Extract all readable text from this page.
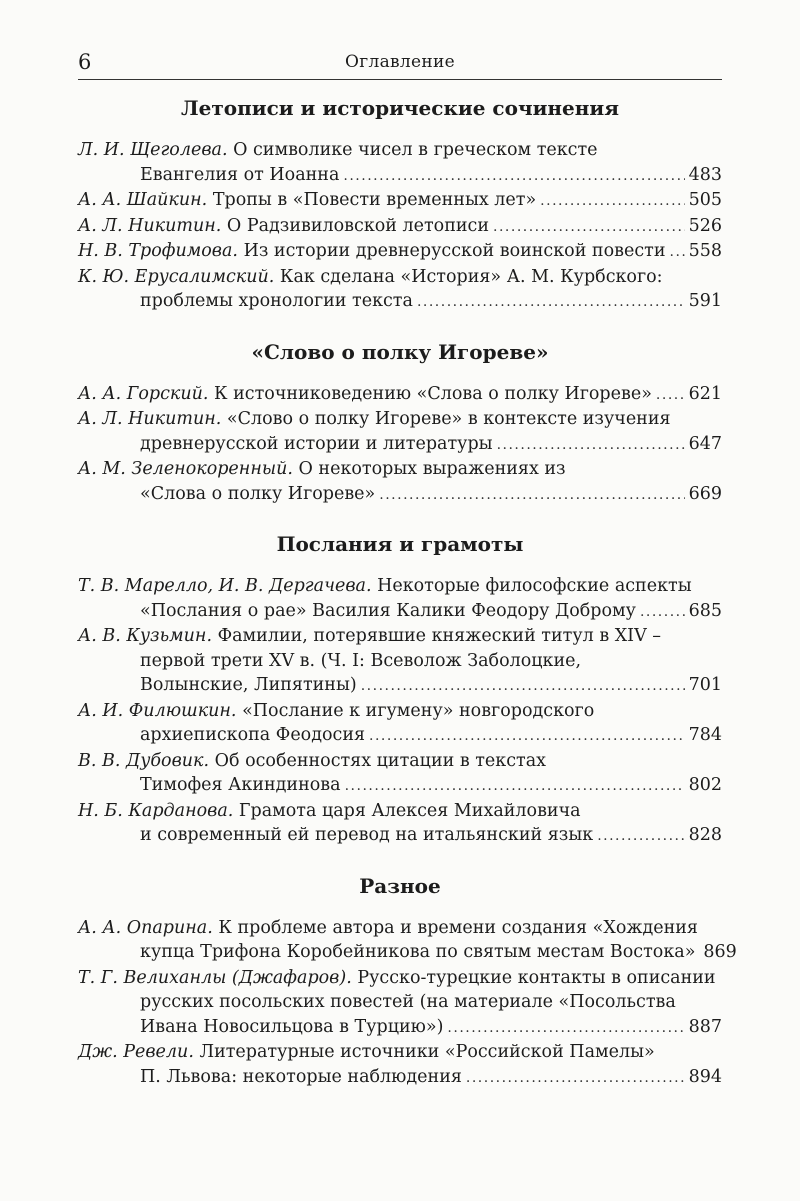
6	Оглавление
Летописи и исторические сочинения
Л. И. Щеголева.
О символике чисел в греческом тексте
Евангелия от Иоанна .....	483
А. А. Шайкин.
Тропы в «Повести временных лет» .....	505
А. Л. Никитин.
О Радзивиловской летописи .....	526
Н. В. Трофимова.
Из истории древнерусской воинской повести ..... 558
К. Ю. Ерусалимский.
Как сделана «История» А. М. Курбского:
проблемы хронологии текста .....	591
«Слово о полку Игореве»
А. А. Горский.
К источниковедению «Слова о полку Игореве» ..... 621
А. Л. Никитин.
«Слово о полку Игореве» в контексте изучения
древнерусской истории и литературы .....	647
А. М. Зеленокоренный.
О некоторых выражениях из
«Слова о полку Игореве» .....	669
Послания и грамоты
Т. В. Марелло, И. В. Дергачева.
Некоторые философские аспекты
«Послания о рае» Василия Калики Феодору Доброму .....	685
А. В. Кузьмин.
Фамилии, потерявшие княжеский титул в XIV –
первой трети XV в. (Ч. I: Всеволож Заболоцкие,
Волынские, Липятины) .....	701
А. И. Филюшкин.
«Послание к игумену» новгородского
архиепископа Феодосия .....	784
В. В. Дубовик.
Об особенностях цитации в текстах
Тимофея Акиндинова .....	802
Н. Б. Карданова.
Грамота царя Алексея Михайловича
и современный ей перевод на итальянский язык .....	828
Разное
А. А. Опарина.
К проблеме автора и времени создания «Хождения
купца Трифона Коробейникова по святым местам Востока» 869
Т. Г. Велиханлы (Джафаров).
Русско-турецкие контакты в описании
русских посольских повестей (на материале «Посольства
Ивана Новосильцова в Турцию») .....	887
Дж. Ревели.
Литературные источники «Российской Памелы»
П. Львова: некоторые наблюдения .....	894
